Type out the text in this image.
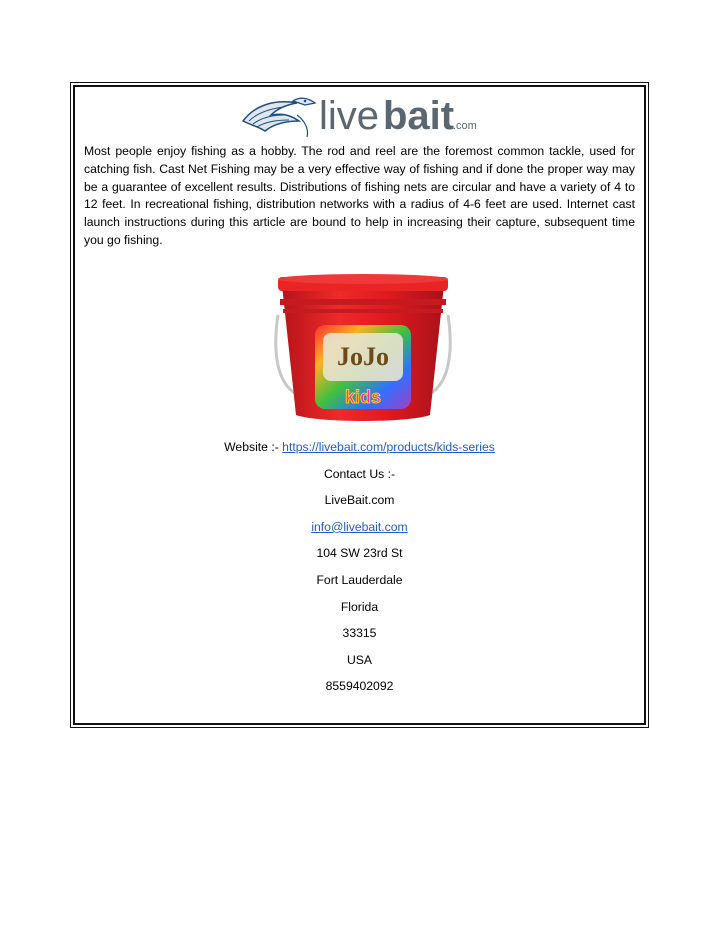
live bait
.com

Most people enjoy fishing as a hobby. The rod and reel are the foremost common tackle, used for catching fish. Cast Net Fishing may be a very effective way of fishing and if done the proper way may be a guarantee of excellent results. Distributions of fishing nets are circular and have a variety of 4 to 12 feet. In recreational fishing, distribution networks with a radius of 4-6 feet are used. Internet cast launch instructions during this article are bound to help in increasing their capture, subsequent time you go fishing.

JoJo
kids
Website :- https://livebait.com/products/kids-series
Contact Us :-
LiveBait.com
info@livebait.com
104 SW 23rd St
Fort Lauderdale
Florida
33315
USA
8559402092
